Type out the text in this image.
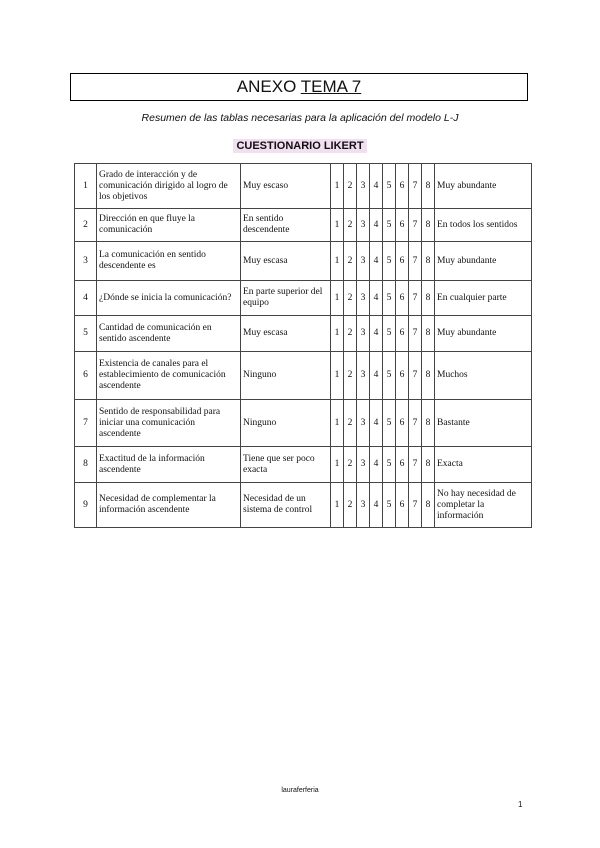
ANEXO TEMA 7
Resumen de las tablas necesarias para la aplicación del modelo L-J
CUESTIONARIO LIKERT
1	Grado de interacción y de comunicación dirigido al logro de los objetivos	Muy escaso	1	2	3	4	5	6	7	8	Muy abundante
2	Dirección en que fluye la comunicación	En sentido descendente	1	2	3	4	5	6	7	8	En todos los sentidos
3	La comunicación en sentido descendente es	Muy escasa	1	2	3	4	5	6	7	8	Muy abundante
4	¿Dónde se inicia la comunicación?	En parte superior del equipo	1	2	3	4	5	6	7	8	En cualquier parte
5	Cantidad de comunicación en sentido ascendente	Muy escasa	1	2	3	4	5	6	7	8	Muy abundante
6	Existencia de canales para el establecimiento de comunicación ascendente	Ninguno	1	2	3	4	5	6	7	8	Muchos
7	Sentido de responsabilidad para iniciar una comunicación ascendente	Ninguno	1	2	3	4	5	6	7	8	Bastante
8	Exactitud de la información ascendente	Tiene que ser poco exacta	1	2	3	4	5	6	7	8	Exacta
9	Necesidad de complementar la información ascendente	Necesidad de un sistema de control	1	2	3	4	5	6	7	8	No hay necesidad de completar la información
lauraferferia
1
